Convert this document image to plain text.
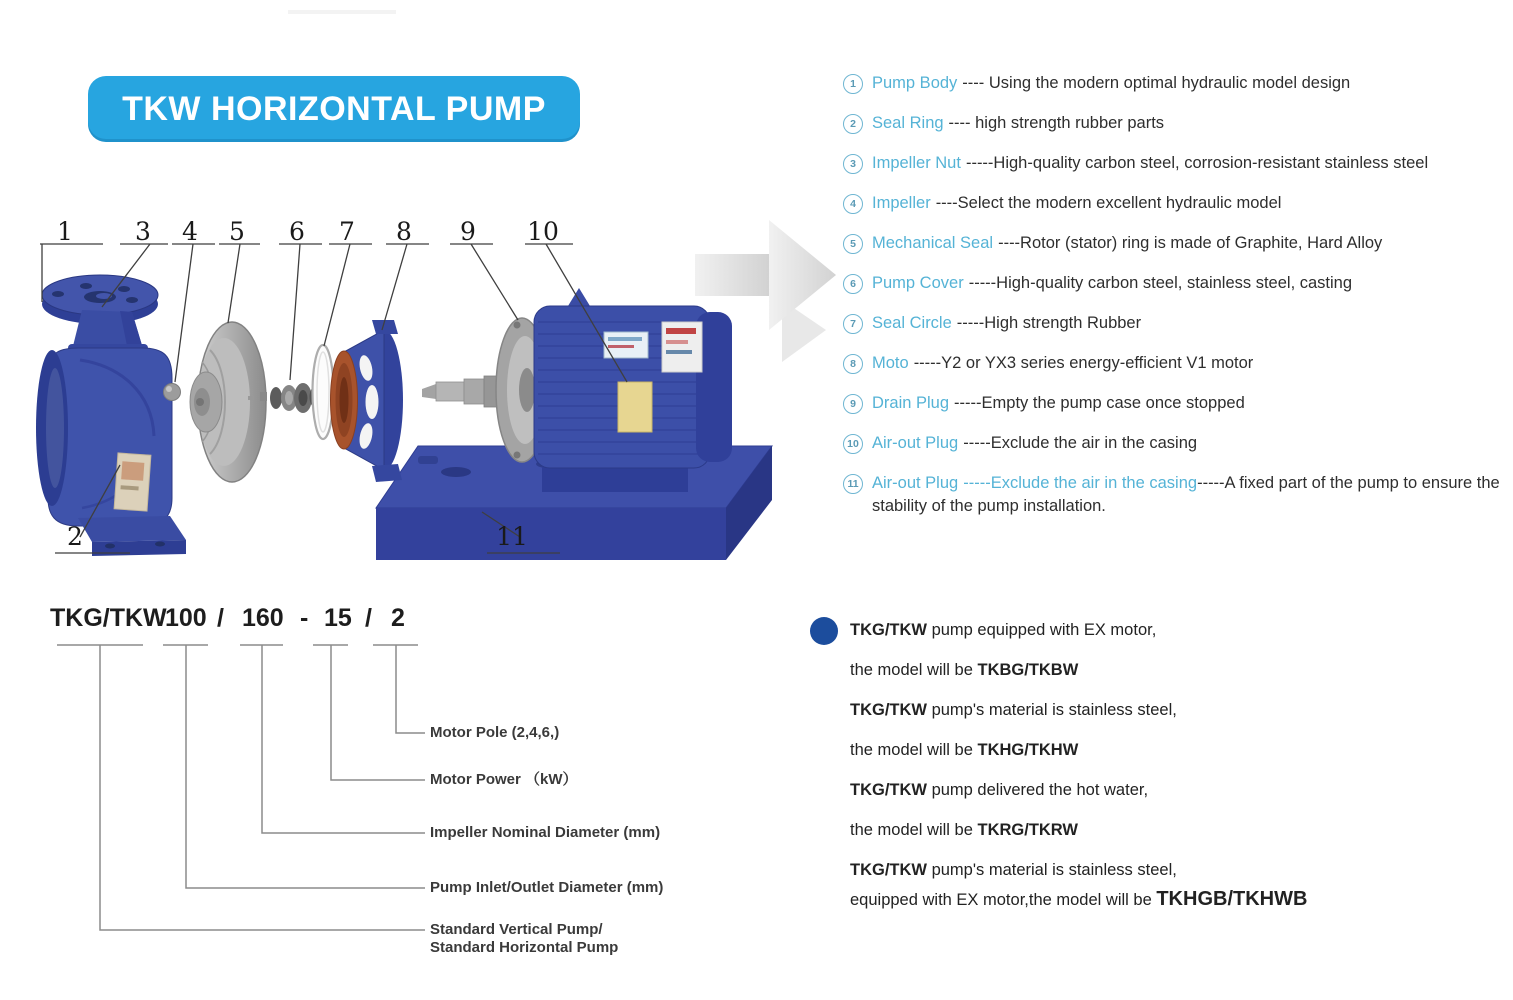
TKW HORIZONTAL PUMP
1 3 4 5 6 7 8 9 10
2	11
1 Pump Body ---- Using the modern optimal hydraulic model design
2 Seal Ring ---- high strength rubber parts
3 Impeller Nut -----High-quality carbon steel, corrosion-resistant stainless steel
4 Impeller ----Select the modern excellent hydraulic model
5 Mechanical Seal ----Rotor (stator) ring is made of Graphite, Hard Alloy
6 Pump Cover -----High-quality carbon steel, stainless steel, casting
7 Seal Circle -----High strength Rubber
8 Moto -----Y2 or YX3 series energy-efficient V1 motor
9 Drain Plug -----Empty the pump case once stopped
10 Air-out Plug -----Exclude the air in the casing
11 Air-out Plug -----Exclude the air in the casing-----A fixed part of the pump to ensure the stability of the pump installation.
TKG/TKW
100 / 160 - 15 / 2
Motor Pole (2,4,6,)
Motor Power （kW）
Impeller Nominal Diameter (mm)
Pump Inlet/Outlet Diameter (mm)
Standard Vertical Pump/
Standard Horizontal Pump

TKG/TKW pump equipped with EX motor,

the model will be TKBG/TKBW

TKG/TKW pump's material is stainless steel,

the model will be TKHG/TKHW

TKG/TKW pump delivered the hot water,

the model will be TKRG/TKRW

TKG/TKW pump's material is stainless steel,

equipped with EX motor,the model will be TKHGB/TKHWB
